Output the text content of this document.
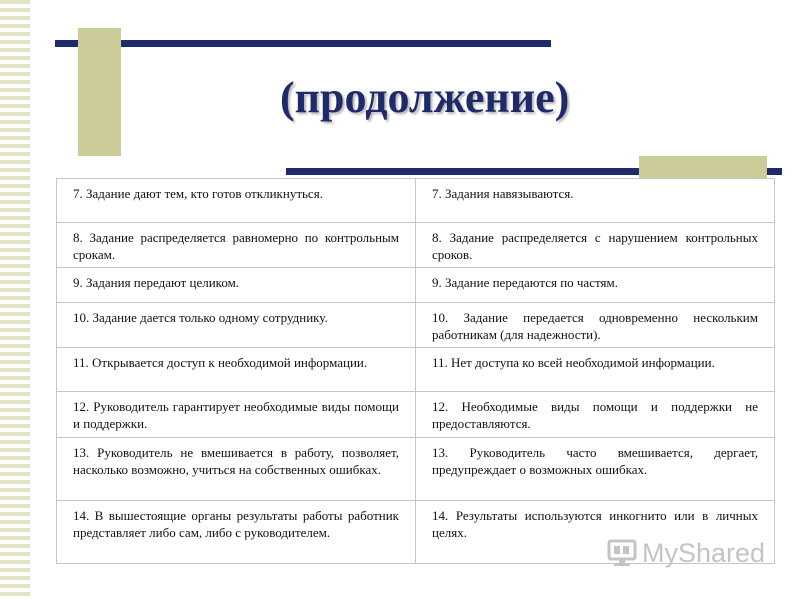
(продолжение)
7. Задание дают тем, кто готов откликнуться.	7. Задания навязываются.
8. Задание распределяется равномерно по контрольным срокам.	8. Задание распределяется с нарушением контрольных сроков.
9. Задания передают целиком.	9. Задание передаются по частям.
10. Задание дается только одному сотруднику.	10. Задание передается одновременно нескольким работникам (для надежности).
11. Открывается доступ к необходимой информации.	11. Нет доступа ко всей необходимой информации.
12. Руководитель гарантирует необходимые виды помощи и поддержки.	12. Необходимые виды помощи и поддержки не предоставляются.
13. Руководитель не вмешивается в работу, позволяет, насколько возможно, учиться на собственных ошибках.	13. Руководитель часто вмешивается, дергает, предупреждает о возможных ошибках.
14. В вышестоящие органы результаты работы работник представляет либо сам, либо с руководителем.	14. Результаты используются инкогнито или в личных целях.
MyShared
